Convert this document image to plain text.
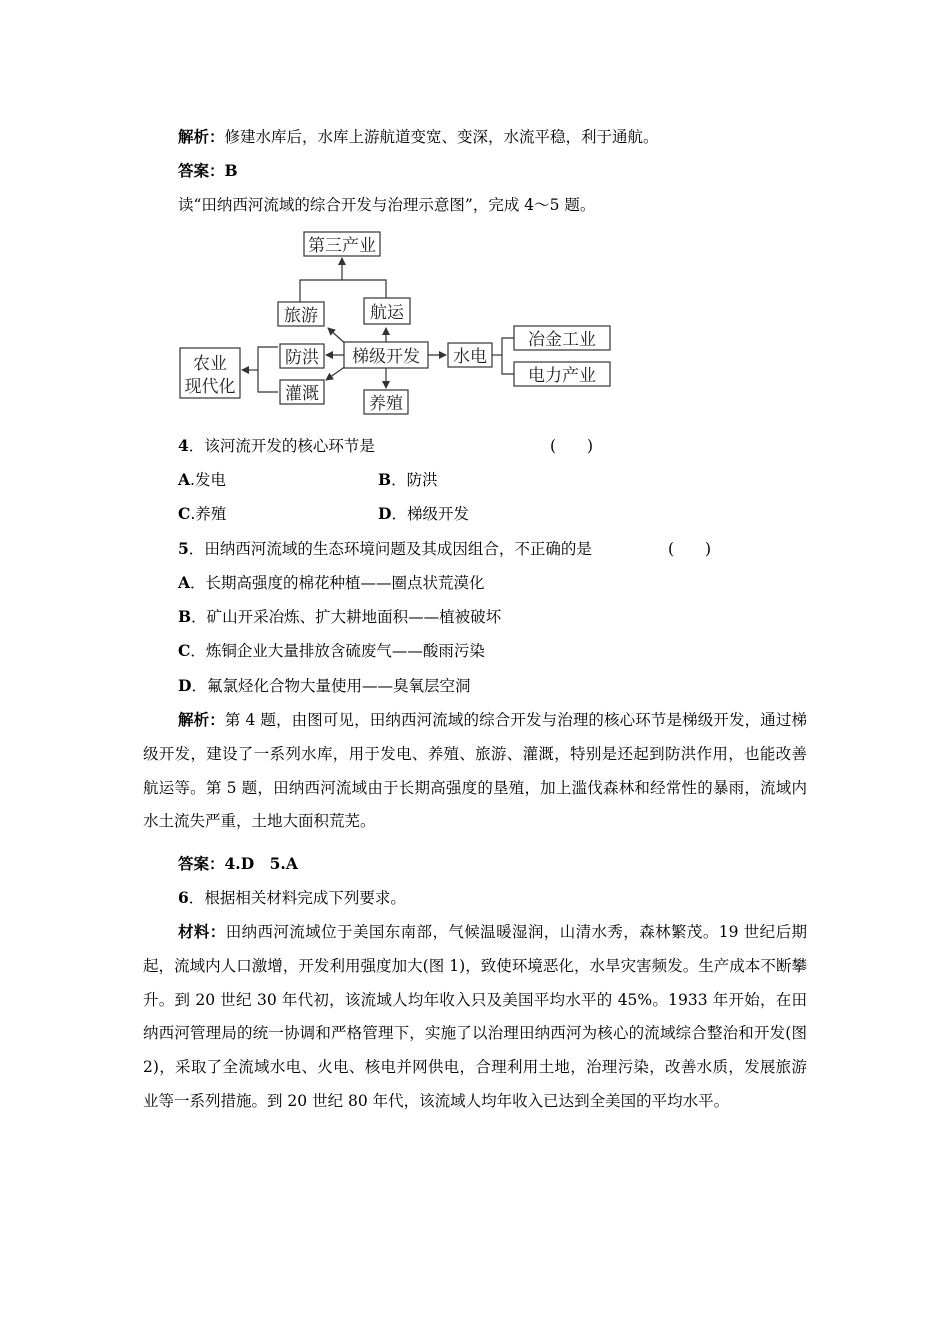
解析：修建水库后，水库上游航道变宽、变深，水流平稳，利于通航。
答案：B
读“田纳西河流域的综合开发与治理示意图”，完成 4～5 题。
第三产业
旅游	航运
农业
现代化
防洪 梯级开发 水电
冶金工业
电力产业
灌溉	养殖
4．该河流开发的核心环节是	(　　)
A.发电	B．防洪
C.养殖	D．梯级开发
5．田纳西河流域的生态环境问题及其成因组合，不正确的是	(　　)
A．长期高强度的棉花种植——圈点状荒漠化
B．矿山开采冶炼、扩大耕地面积——植被破坏
C．炼铜企业大量排放含硫废气——酸雨污染
D．氟氯烃化合物大量使用——臭氧层空洞
解析：第 4 题，由图可见，田纳西河流域的综合开发与治理的核心环节是梯级开发，通过梯级开发，建设了一系列水库，用于发电、养殖、旅游、灌溉，特别是还起到防洪作用，也能改善航运等。第 5 题，田纳西河流域由于长期高强度的垦殖，加上滥伐森林和经常性的暴雨，流域内水土流失严重，土地大面积荒芜。
答案：4.D　5.A
6．根据相关材料完成下列要求。
材料：田纳西河流域位于美国东南部，气候温暖湿润，山清水秀，森林繁茂。19 世纪后期起，流域内人口激增，开发利用强度加大(图 1)，致使环境恶化，水旱灾害频发。生产成本不断攀升。到 20 世纪 30 年代初，该流域人均年收入只及美国平均水平的 45%。1933 年开始，在田纳西河管理局的统一协调和严格管理下，实施了以治理田纳西河为核心的流域综合整治和开发(图 2)，采取了全流域水电、火电、核电并网供电，合理利用土地，治理污染，改善水质，发展旅游业等一系列措施。到 20 世纪 80 年代，该流域人均年收入已达到全美国的平均水平。
